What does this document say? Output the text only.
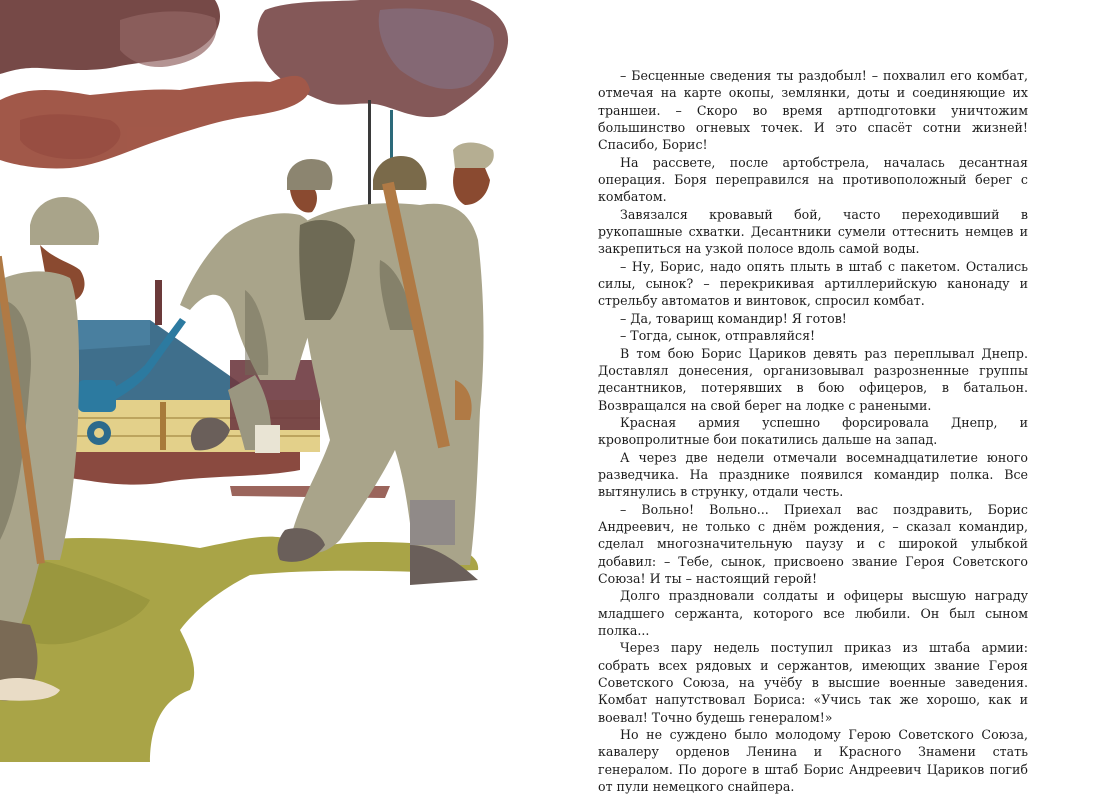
– Бесценные сведения ты раздобыл! – похвалил его комбат, отмечая на карте окопы, землянки, доты и соединяющие их траншеи. – Скоро во время артподготовки уничтожим большинство огневых точек. И это спасёт сотни жизней! Спасибо, Борис!

На рассвете, после артобстрела, началась десантная операция. Боря переправился на противоположный берег с комбатом.

Завязался кровавый бой, часто переходивший в рукопашные схватки. Десантники сумели оттеснить немцев и закрепиться на узкой полосе вдоль самой воды.

– Ну, Борис, надо опять плыть в штаб с пакетом. Остались силы, сынок? – перекрикивая артиллерийскую канонаду и стрельбу автоматов и винтовок, спросил комбат.

– Да, товарищ командир! Я готов!

– Тогда, сынок, отправляйся!

В том бою Борис Цариков девять раз переплывал Днепр. Доставлял донесения, организовывал разрозненные группы десантников, потерявших в бою офицеров, в батальон. Возвращался на свой берег на лодке с ранеными.

Красная армия успешно форсировала Днепр, и кровопролитные бои покатились дальше на запад.

А через две недели отмечали восемнадцатилетие юного разведчика. На празднике появился командир полка. Все вытянулись в струнку, отдали честь.

– Вольно! Вольно... Приехал вас поздравить, Борис Андреевич, не только с днём рождения, – сказал командир, сделал многозначительную паузу и с широкой улыбкой добавил: – Тебе, сынок, присвоено звание Героя Советского Союза! И ты – настоящий герой!

Долго праздновали солдаты и офицеры высшую награду младшего сержанта, которого все любили. Он был сыном полка...

Через пару недель поступил приказ из штаба армии: собрать всех рядовых и сержантов, имеющих звание Героя Советского Союза, на учёбу в высшие военные заведения. Комбат напутствовал Бориса: «Учись так же хорошо, как и воевал! Точно будешь генералом!»

Но не суждено было молодому Герою Советского Союза, кавалеру орденов Ленина и Красного Знамени стать генералом. По дороге в штаб Борис Андреевич Цариков погиб от пули немецкого снайпера.
